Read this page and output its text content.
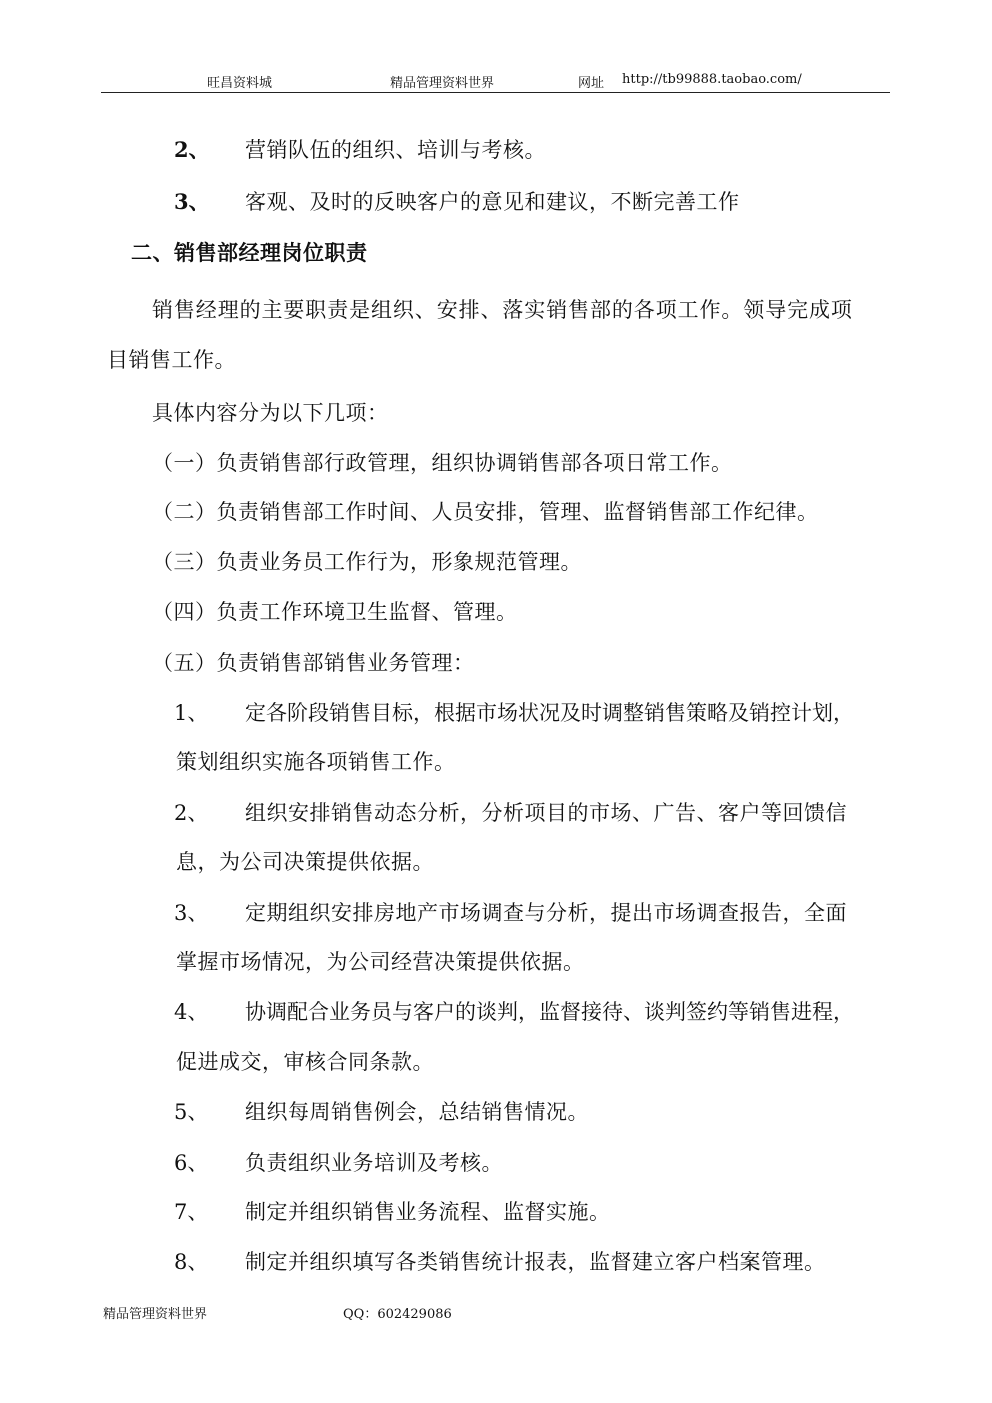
旺昌资料城	精品管理资料世界	网址 http://tb99888.taobao.com/
2、 营销队伍的组织、培训与考核。
3、 客观、及时的反映客户的意见和建议，不断完善工作
二、销售部经理岗位职责
销售经理的主要职责是组织、安排、落实销售部的各项工作。领导完成项
目销售工作。
具体内容分为以下几项：
（一）负责销售部行政管理，组织协调销售部各项日常工作。
（二）负责销售部工作时间、人员安排，管理、监督销售部工作纪律。
（三）负责业务员工作行为，形象规范管理。
（四）负责工作环境卫生监督、管理。
（五）负责销售部销售业务管理：
1、 定各阶段销售目标，根据市场状况及时调整销售策略及销控计划，
策划组织实施各项销售工作。
2、 组织安排销售动态分析，分析项目的市场、广告、客户等回馈信
息，为公司决策提供依据。
3、 定期组织安排房地产市场调查与分析，提出市场调查报告，全面
掌握市场情况，为公司经营决策提供依据。
4、 协调配合业务员与客户的谈判，监督接待、谈判签约等销售进程，
促进成交，审核合同条款。
5、 组织每周销售例会，总结销售情况。
6、 负责组织业务培训及考核。
7、 制定并组织销售业务流程、监督实施。
8、 制定并组织填写各类销售统计报表，监督建立客户档案管理。
精品管理资料世界	QQ：602429086
